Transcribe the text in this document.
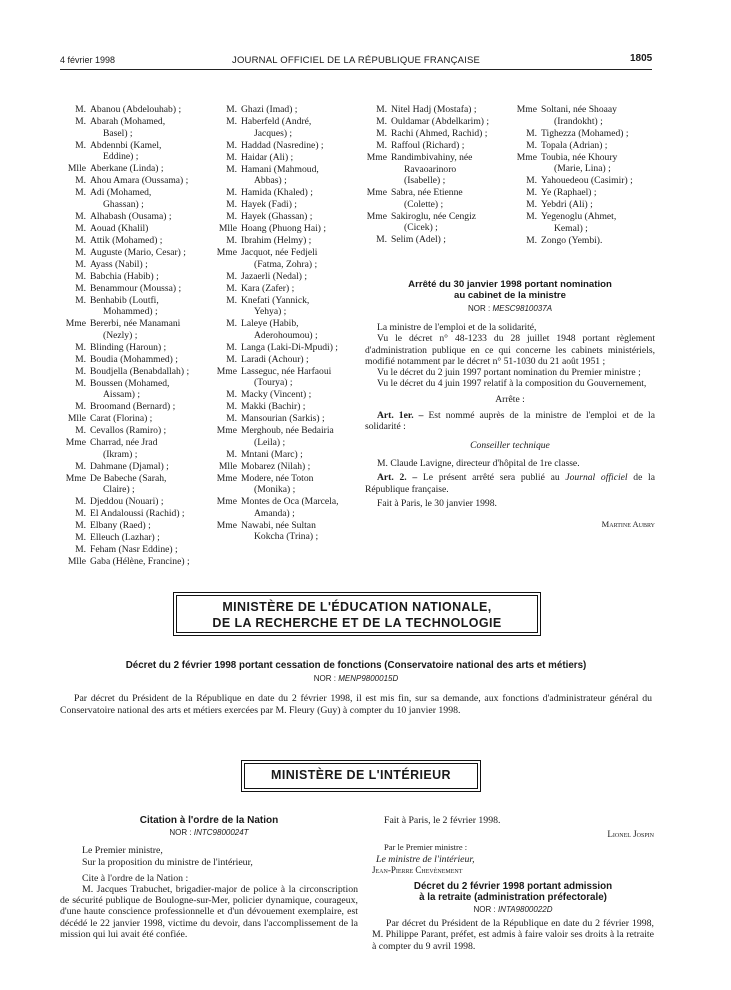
4 février 1998	JOURNAL OFFICIEL DE LA RÉPUBLIQUE FRANÇAISE	1805
M. Abanou (Abdelouhab) ;
M. Abarah (Mohamed,
Basel) ;
M. Abdennbi (Kamel,
Eddine) ;
Mlle Aberkane (Linda) ;
M. Ahou Amara (Oussama) ;
M. Adi (Mohamed,
Ghassan) ;
M. Alhabash (Ousama) ;
M. Aouad (Khalil)
M. Attik (Mohamed) ;
M. Auguste (Mario, Cesar) ;
M. Ayass (Nabil) ;
M. Babchia (Habib) ;
M. Benammour (Moussa) ;
M. Benhabib (Loutfi,
Mohammed) ;
Mme Bererbi, née Manamani
(Nezly) ;
M. Blinding (Haroun) ;
M. Boudia (Mohammed) ;
M. Boudjella (Benabdallah) ;
M. Boussen (Mohamed,
Aissam) ;
M. Broomand (Bernard) ;
Mlle Carat (Florina) ;
M. Cevallos (Ramiro) ;
Mme Charrad, née Jrad
(Ikram) ;
M. Dahmane (Djamal) ;
Mme De Babeche (Sarah,
Claire) ;
M. Djeddou (Nouari) ;
M. El Andaloussi (Rachid) ;
M. Elbany (Raed) ;
M. Elleuch (Lazhar) ;
M. Feham (Nasr Eddine) ;
Mlle Gaba (Hélène, Francine) ;
M. Ghazi (Imad) ;
M. Haberfeld (André,
Jacques) ;
M. Haddad (Nasredine) ;
M. Haidar (Ali) ;
M. Hamani (Mahmoud,
Abbas) ;
M. Hamida (Khaled) ;
M. Hayek (Fadi) ;
M. Hayek (Ghassan) ;
Mlle Hoang (Phuong Hai) ;
M. Ibrahim (Helmy) ;
Mme Jacquot, née Fedjeli
(Fatma, Zohra) ;
M. Jazaerli (Nedal) ;
M. Kara (Zafer) ;
M. Knefati (Yannick,
Yehya) ;
M. Laleye (Habib,
Aderohoumou) ;
M. Langa (Laki-Di-Mpudi) ;
M. Laradi (Achour) ;
Mme Lasseguc, née Harfaoui
(Tourya) ;
M. Macky (Vincent) ;
M. Makki (Bachir) ;
M. Mansourian (Sarkis) ;
Mme Merghoub, née Bedairia
(Leila) ;
M. Mntani (Marc) ;
Mlle Mobarez (Nilah) ;
Mme Modere, née Toton
(Monika) ;
Mme Montes de Oca (Marcela,
Amanda) ;
Mme Nawabi, née Sultan
Kokcha (Trina) ;
M. Nitel Hadj (Mostafa) ;
M. Ouldamar (Abdelkarim) ;
M. Rachi (Ahmed, Rachid) ;
M. Raffoul (Richard) ;
Mme Randimbivahiny, née
Ravaoarinoro
(Isabelle) ;
Mme Sabra, née Etienne
(Colette) ;
Mme Sakiroglu, née Cengiz
(Cicek) ;
M. Selim (Adel) ;
Mme Soltani, née Shoaay
(Irandokht) ;
M. Tighezza (Mohamed) ;
M. Topala (Adrian) ;
Mme Toubia, née Khoury
(Marie, Lina) ;
M. Yahouedeou (Casimir) ;
M. Ye (Raphael) ;
M. Yebdri (Ali) ;
M. Yegenoglu (Ahmet,
Kemal) ;
M. Zongo (Yembi).
Arrêté du 30 janvier 1998 portant nomination
au cabinet de la ministre
NOR : MESC9810037A

La ministre de l'emploi et de la solidarité,

Vu le décret n° 48-1233 du 28 juillet 1948 portant règlement d'administration publique en ce qui concerne les cabinets ministériels, modifié notamment par le décret n° 51-1030 du 21 août 1951 ;

Vu le décret du 2 juin 1997 portant nomination du Premier ministre ;

Vu le décret du 4 juin 1997 relatif à la composition du Gouvernement,

Arrête :

Art. 1er. – Est nommé auprès de la ministre de l'emploi et de la solidarité :

Conseiller technique

M. Claude Lavigne, directeur d'hôpital de 1re classe.

Art. 2. – Le présent arrêté sera publié au Journal officiel de la République française.

Fait à Paris, le 30 janvier 1998.

Martine Aubry
MINISTÈRE DE L'ÉDUCATION NATIONALE,
DE LA RECHERCHE ET DE LA TECHNOLOGIE
Décret du 2 février 1998 portant cessation de fonctions (Conservatoire national des arts et métiers)
NOR : MENP9800015D
Par décret du Président de la République en date du 2 février 1998, il est mis fin, sur sa demande, aux fonctions d'administrateur général du Conservatoire national des arts et métiers exercées par M. Fleury (Guy) à compter du 10 janvier 1998.
MINISTÈRE DE L'INTÉRIEUR
Citation à l'ordre de la Nation
NOR : INTC9800024T

Le Premier ministre,

Sur la proposition du ministre de l'intérieur,

Cite à l'ordre de la Nation :

M. Jacques Trabuchet, brigadier-major de police à la circonscription de sécurité publique de Boulogne-sur-Mer, policier dynamique, courageux, d'une haute conscience professionnelle et d'un dévouement exemplaire, est décédé le 22 janvier 1998, victime du devoir, dans l'accomplissement de la mission qui lui avait été confiée.

Fait à Paris, le 2 février 1998.

Lionel Jospin

Par le Premier ministre :

Le ministre de l'intérieur,

Jean-Pierre Chevènement

Décret du 2 février 1998 portant admission
à la retraite (administration préfectorale)
NOR : INTA9800022D

Par décret du Président de la République en date du 2 février 1998, M. Philippe Parant, préfet, est admis à faire valoir ses droits à la retraite à compter du 9 avril 1998.
